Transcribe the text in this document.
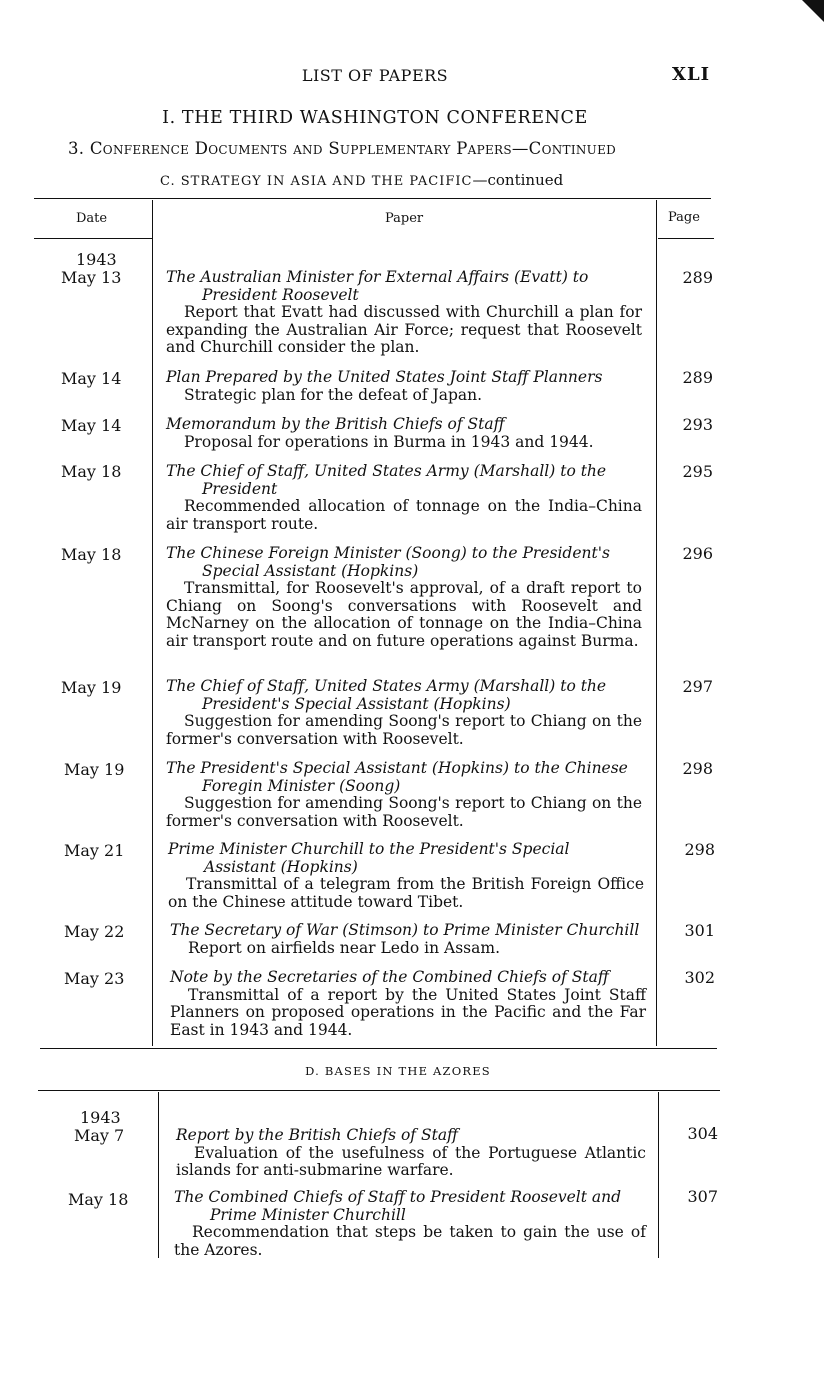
LIST OF PAPERS	XLI
I. THE THIRD WASHINGTON CONFERENCE
3. Conference Documents and Supplementary Papers—Continued
C. STRATEGY IN ASIA AND THE PACIFIC—continued
Date	Paper	Page
1943
May 13	The Australian Minister for External Affairs (Evatt) to
President Roosevelt
Report that Evatt had discussed with Churchill a plan for expanding the Australian Air Force; request that Roosevelt and Churchill consider the plan.
289
May 14	Plan Prepared by the United States Joint Staff Planners
Strategic plan for the defeat of Japan.
289
May 14	Memorandum by the British Chiefs of Staff
Proposal for operations in Burma in 1943 and 1944.
293
May 18	The Chief of Staff, United States Army (Marshall) to the
President
Recommended allocation of tonnage on the India–China air transport route.
295
May 18	The Chinese Foreign Minister (Soong) to the President's
Special Assistant (Hopkins)
Transmittal, for Roosevelt's approval, of a draft report to Chiang on Soong's conversations with Roosevelt and McNarney on the allocation of tonnage on the India–China air transport route and on future operations against Burma.
296
May 19	The Chief of Staff, United States Army (Marshall) to the
President's Special Assistant (Hopkins)
Suggestion for amending Soong's report to Chiang on the former's conversation with Roosevelt.
297
May 19	The President's Special Assistant (Hopkins) to the Chinese
Foregin Minister (Soong)
Suggestion for amending Soong's report to Chiang on the former's conversation with Roosevelt.
298
May 21	Prime Minister Churchill to the President's Special
Assistant (Hopkins)
Transmittal of a telegram from the British Foreign Office on the Chinese attitude toward Tibet.
298
May 22	The Secretary of War (Stimson) to Prime Minister Churchill
Report on airfields near Ledo in Assam.
301
May 23	Note by the Secretaries of the Combined Chiefs of Staff
Transmittal of a report by the United States Joint Staff Planners on proposed operations in the Pacific and the Far East in 1943 and 1944.
302
D. BASES IN THE AZORES
1943
May 7	Report by the British Chiefs of Staff
Evaluation of the usefulness of the Portuguese Atlantic islands for anti-submarine warfare.
304
May 18	The Combined Chiefs of Staff to President Roosevelt and
Prime Minister Churchill
Recommendation that steps be taken to gain the use of the Azores.
307
